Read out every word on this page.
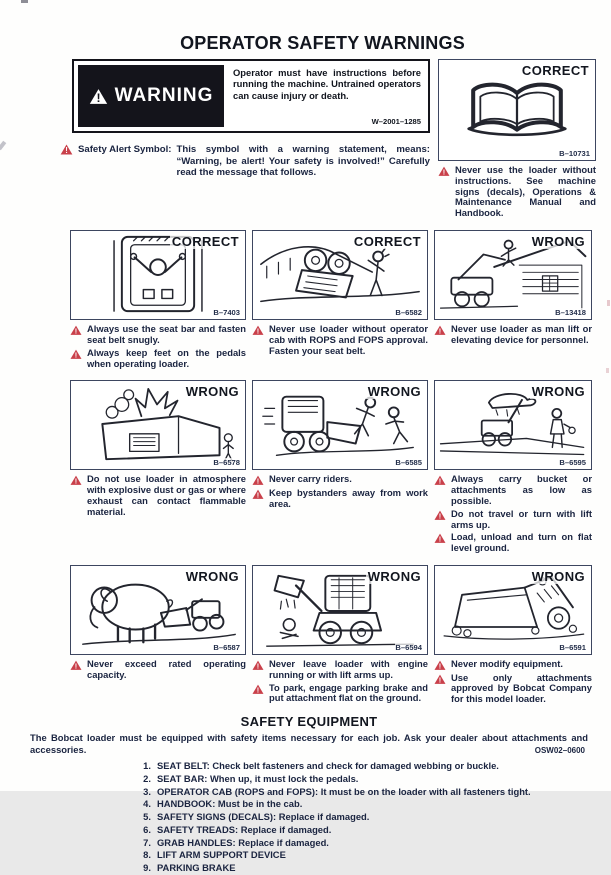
OPERATOR SAFETY WARNINGS
! WARNING

Operator must have instructions before running the machine. Untrained operators can cause injury or death.

W–2001–1285
! Safety Alert Symbol: This symbol with a warning statement, means: “Warning, be alert! Your safety is involved!” Carefully read the message that follows.

CORRECT
B–10731
! Never use the loader without instructions. See machine signs (decals), Operations & Maintenance Manual and Handbook.
CORRECT
B–7403
! Always use the seat bar and fasten seat belt snugly.
! Always keep feet on the pedals when operating loader.
CORRECT
B–6582
! Never use loader without operator cab with ROPS and FOPS approval. Fasten your seat belt.
WRONG
B–13418
! Never use loader as man lift or elevating device for personnel.
WRONG
B–6578
! Do not use loader in atmosphere with explosive dust or gas or where exhaust can contact flammable material.
WRONG
B–6585
! Never carry riders.
! Keep bystanders away from work area.
WRONG
B–6595
! Always carry bucket or attachments as low as possible.
! Do not travel or turn with lift arms up.
! Load, unload and turn on flat level ground.
WRONG
B–6587
! Never exceed rated operating capacity.
WRONG
B–6594
! Never leave loader with engine running or with lift arms up.
! To park, engage parking brake and put attachment flat on the ground.
WRONG
B–6591
! Never modify equipment.
! Use only attachments approved by Bobcat Company for this model loader.
SAFETY EQUIPMENT

The Bobcat loader must be equipped with safety items necessary for each job. Ask your dealer about attachments and accessories.

1. SEAT BELT: Check belt fasteners and check for damaged webbing or buckle.
2. SEAT BAR: When up, it must lock the pedals.
3. OPERATOR CAB (ROPS and FOPS): It must be on the loader with all fasteners tight.
4. HANDBOOK: Must be in the cab.
5. SAFETY SIGNS (DECALS): Replace if damaged.
6. SAFETY TREADS: Replace if damaged.
7. GRAB HANDLES: Replace if damaged.
8. LIFT ARM SUPPORT DEVICE
9. PARKING BRAKE
OSW02–0600
